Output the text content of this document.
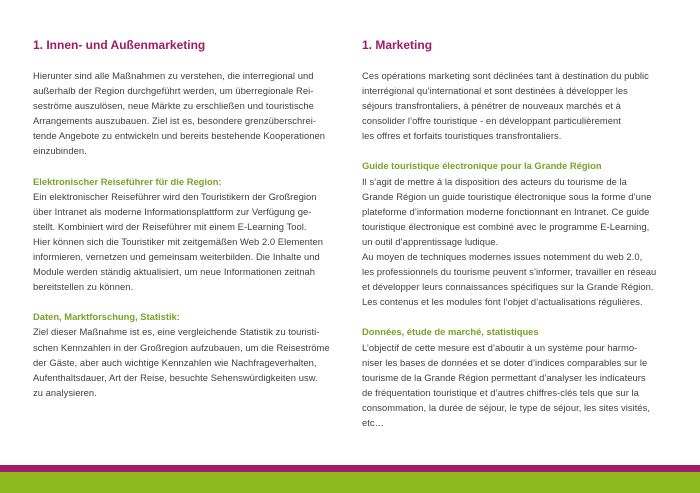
1. Innen- und Außenmarketing

Hierunter sind alle Maßnahmen zu verstehen, die interregional und
außerhalb der Region durchgeführt werden, um überregionale Rei-
seströme auszulösen, neue Märkte zu erschließen und touristische
Arrangements auszubauen. Ziel ist es, besondere grenzüberschrei-
tende Angebote zu entwickeln und bereits bestehende Kooperationen
einzubinden.

Elektronischer Reiseführer für die Region:

Ein elektronischer Reiseführer wird den Touristikern der Großregion
über Intranet als moderne Informationsplattform zur Verfügung ge-
stellt. Kombiniert wird der Reiseführer mit einem E-Learning Tool.
Hier können sich die Touristiker mit zeitgemäßen Web 2.0 Elementen
informieren, vernetzen und gemeinsam weiterbilden. Die Inhalte und
Module werden ständig aktualisiert, um neue Informationen zeitnah
bereitstellen zu können.

Daten, Marktforschung, Statistik:

Ziel dieser Maßnahme ist es, eine vergleichende Statistik zu touristi-
schen Kennzahlen in der Großregion aufzubauen, um die Reiseströme
der Gäste, aber auch wichtige Kennzahlen wie Nachfrageverhalten,
Aufenthaltsdauer, Art der Reise, besuchte Sehenswürdigkeiten usw.
zu analysieren.

1. Marketing

Ces opérations marketing sont déclinées tant à destination du public
interrégional qu’international et sont destinées à développer les
séjours transfrontaliers, à pénétrer de nouveaux marchés et à
consolider l’offre touristique - en développant particulièrement
les offres et forfaits touristiques transfrontaliers.

Guide touristique électronique pour la Grande Région

Il s’agit de mettre à la disposition des acteurs du tourisme de la
Grande Région un guide touristique électronique sous la forme d’une
plateforme d’information moderne fonctionnant en Intranet. Ce guide
touristique électronique est combiné avec le programme E-Learning,
un outil d’apprentissage ludique.
Au moyen de techniques modernes issues notemment du web 2.0,
les professionnels du tourisme peuvent s’informer, travailler en réseau
et développer leurs connaissances spécifiques sur la Grande Région.
Les contenus et les modules font l’objet d’actualisations régulières.

Données, étude de marché, statistiques

L’objectif de cette mesure est d’aboutir à un système pour harmo-
niser les bases de données et se doter d’indices comparables sur le
tourisme de la Grande Région permettant d’analyser les indicateurs
de fréquentation touristique et d’autres chiffres-clés tels que sur la
consommation, la durée de séjour, le type de séjour, les sites visités,
etc…
